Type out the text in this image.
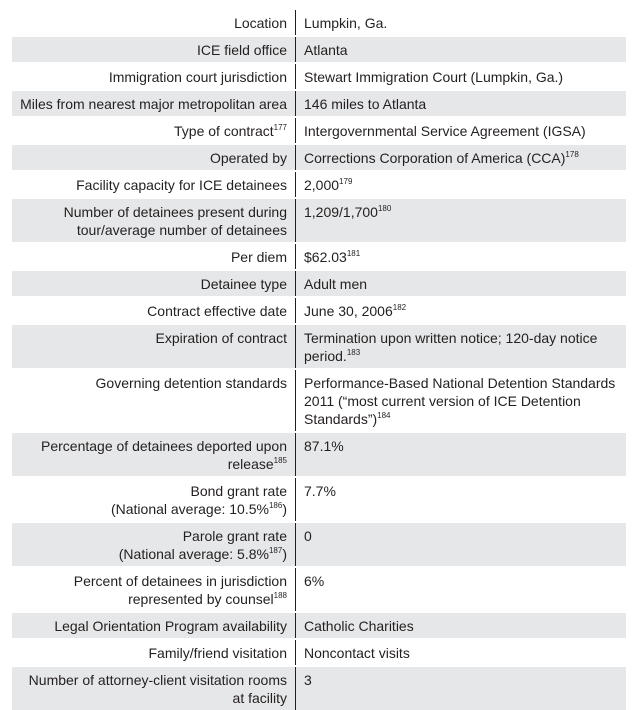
Location	Lumpkin, Ga.
ICE field office	Atlanta
Immigration court jurisdiction	Stewart Immigration Court (Lumpkin, Ga.)
Miles from nearest major metropolitan area	146 miles to Atlanta
Type of contract$^{177}$	Intergovernmental Service Agreement (IGSA)
Operated by	Corrections Corporation of America (CCA)$^{178}$
Facility capacity for ICE detainees	2,000$^{179}$
Number of detainees present during tour/average number of detainees	1,209/1,700$^{180}$
Per diem	$62.03$^{181}$
Detainee type	Adult men
Contract effective date	June 30, 2006$^{182}$
Expiration of contract	Termination upon written notice; 120-day notice period.$^{183}$
Governing detention standards	Performance-Based National Detention Standards 2011 (“most current version of ICE Detention Standards”)$^{184}$
Percentage of detainees deported upon release$^{185}$	87.1%
Bond grant rate
(National average: 10.5%$^{186}$)	7.7%
Parole grant rate
(National average: 5.8%$^{187}$)	0
Percent of detainees in jurisdiction represented by counsel$^{188}$	6%
Legal Orientation Program availability	Catholic Charities
Family/friend visitation	Noncontact visits
Number of attorney-client visitation rooms at facility	3
